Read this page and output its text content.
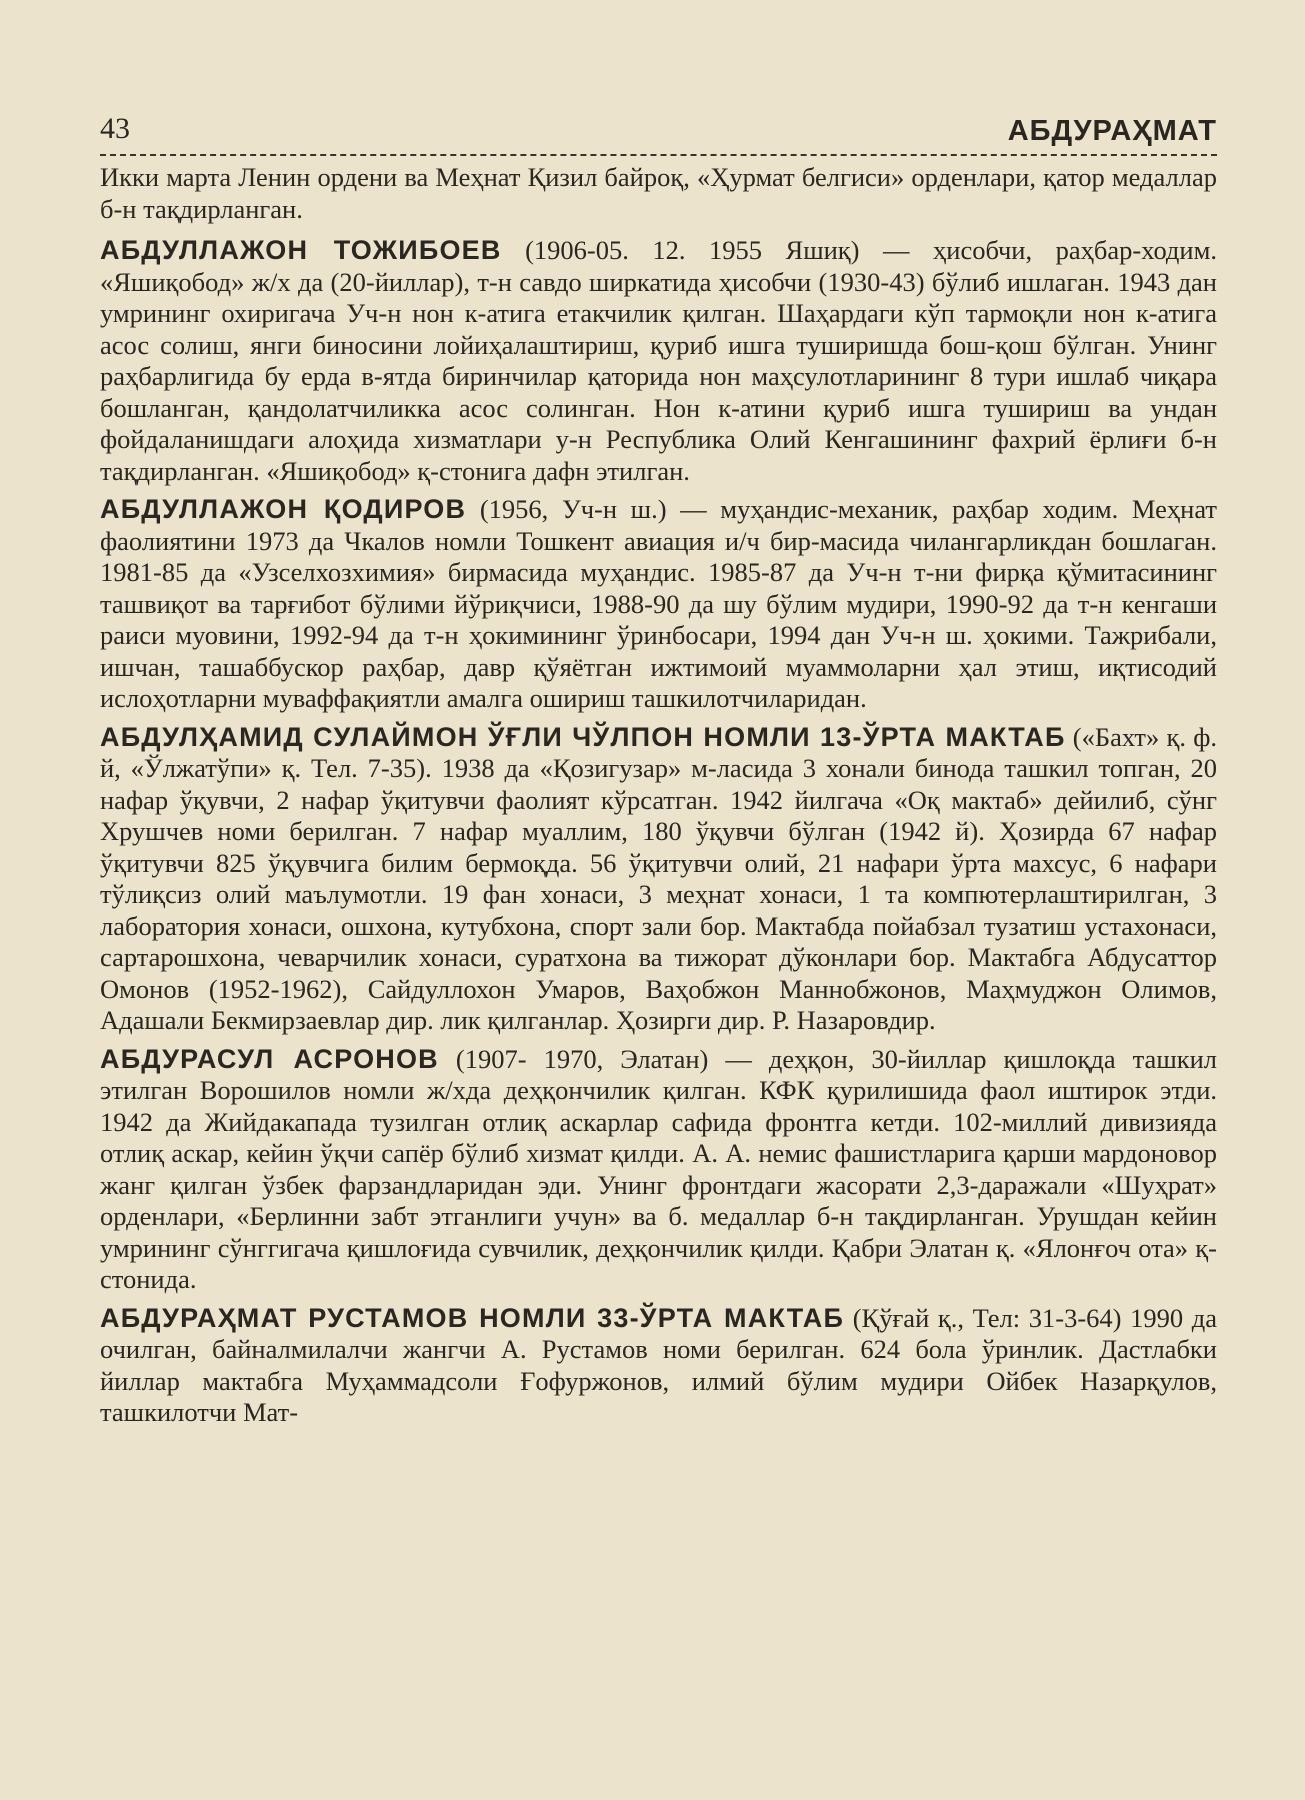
43	АБДУРАҲМАТ

Икки марта Ленин ордени ва Меҳнат Қизил байроқ, «Ҳурмат белгиси» орденлари, қатор медаллар б-н тақдирланган.

АБДУЛЛАЖОН ТОЖИБОЕВ (1906-05. 12. 1955 Яшиқ) — ҳисобчи, раҳбар-ходим. «Яшиқобод» ж/х да (20-йиллар), т-н савдо ширкатида ҳисобчи (1930-43) бўлиб ишлаган. 1943 дан умрининг охиригача Уч-н нон к-атига етакчилик қилган. Шаҳардаги кўп тармоқли нон к-атига асос солиш, янги биносини лойиҳалаштириш, қуриб ишга туширишда бош-қош бўлган. Унинг раҳбарлигида бу ерда в-ятда биринчилар қаторида нон маҳсулотларининг 8 тури ишлаб чиқара бошланган, қандолатчиликка асос солинган. Нон к-атини қуриб ишга тушириш ва ундан фойдаланишдаги алоҳида хизматлари у-н Республика Олий Кенгашининг фахрий ёрлиғи б-н тақдирланган. «Яшиқобод» қ-стонига дафн этилган.

АБДУЛЛАЖОН ҚОДИРОВ (1956, Уч-н ш.) — муҳандис-механик, раҳбар ходим. Меҳнат фаолиятини 1973 да Чкалов номли Тошкент авиация и/ч бир-масида чилангарликдан бошлаган. 1981-85 да «Узселхозхимия» бирмасида муҳандис. 1985-87 да Уч-н т-ни фирқа қўмитасининг ташвиқот ва тарғибот бўлими йўриқчиси, 1988-90 да шу бўлим мудири, 1990-92 да т-н кенгаши раиси муовини, 1992-94 да т-н ҳокимининг ўринбосари, 1994 дан Уч-н ш. ҳокими. Тажрибали, ишчан, ташаббускор раҳбар, давр қўяётган ижтимоий муаммоларни ҳал этиш, иқтисодий ислоҳотларни муваффақиятли амалга ошириш ташкилотчиларидан.

АБДУЛҲАМИД СУЛАЙМОН ЎҒЛИ ЧЎЛПОН НОМЛИ 13-ЎРТА МАКТАБ («Бахт» қ. ф. й, «Ўлжатўпи» қ. Тел. 7-35). 1938 да «Қозигузар» м-ласида 3 хонали бинода ташкил топган, 20 нафар ўқувчи, 2 нафар ўқитувчи фаолият кўрсатган. 1942 йилгача «Оқ мактаб» дейилиб, сўнг Хрушчев номи берилган. 7 нафар муаллим, 180 ўқувчи бўлган (1942 й). Ҳозирда 67 нафар ўқитувчи 825 ўқувчига билим бермоқда. 56 ўқитувчи олий, 21 нафари ўрта махсус, 6 нафари тўлиқсиз олий маълумотли. 19 фан хонаси, 3 меҳнат хонаси, 1 та компютерлаштирилган, 3 лаборатория хонаси, ошхона, кутубхона, спорт зали бор. Мактабда пойабзал тузатиш устахонаси, сартарошхона, чеварчилик хонаси, суратхона ва тижорат дўконлари бор. Мактабга Абдусаттор Омонов (1952-1962), Сайдуллохон Умаров, Ваҳобжон Маннобжонов, Маҳмуджон Олимов, Адашали Бекмирзаевлар дир. лик қилганлар. Ҳозирги дир. Р. Назаровдир.

АБДУРАСУЛ АСРОНОВ (1907- 1970, Элатан) — деҳқон, 30-йиллар қишлоқда ташкил этилган Ворошилов номли ж/хда деҳқончилик қилган. КФК қурилишида фаол иштирок этди. 1942 да Жийдакапада тузилган отлиқ аскарлар сафида фронтга кетди. 102-миллий дивизияда отлиқ аскар, кейин ўқчи сапёр бўлиб хизмат қилди. А. А. немис фашистларига қарши мардоновор жанг қилган ўзбек фарзандларидан эди. Унинг фронтдаги жасорати 2,3-даражали «Шуҳрат» орденлари, «Берлинни забт этганлиги учун» ва б. медаллар б-н тақдирланган. Урушдан кейин умрининг сўнггигача қишлоғида сувчилик, деҳқончилик қилди. Қабри Элатан қ. «Ялонғоч ота» қ-стонида.

АБДУРАҲМАТ РУСТАМОВ НОМЛИ 33-ЎРТА МАКТАБ (Қўғай қ., Тел: 31-3-64) 1990 да очилган, байналмилалчи жангчи А. Рустамов номи берилган. 624 бола ўринлик. Дастлабки йиллар мактабга Муҳаммадсоли Ғофуржонов, илмий бўлим мудири Ойбек Назарқулов, ташкилотчи Мат-
